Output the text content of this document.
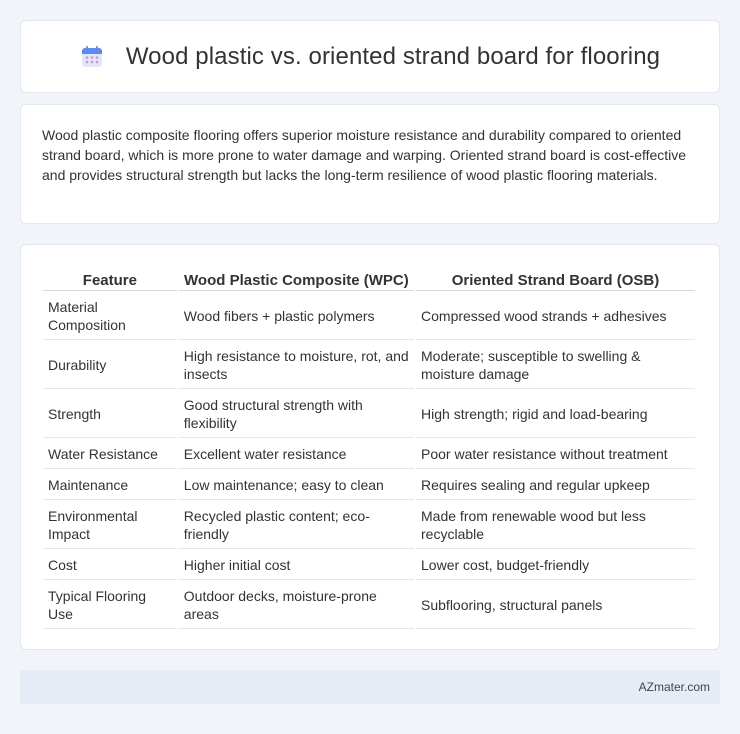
Wood plastic vs. oriented strand board for flooring

Wood plastic composite flooring offers superior moisture resistance and durability compared to oriented strand board, which is more prone to water damage and warping. Oriented strand board is cost-effective and provides structural strength but lacks the long-term resilience of wood plastic flooring materials.

Feature	Wood Plastic Composite (WPC)	Oriented Strand Board (OSB)
Material Composition	Wood fibers + plastic polymers	Compressed wood strands + adhesives
Durability	High resistance to moisture, rot, and insects	Moderate; susceptible to swelling & moisture damage
Strength	Good structural strength with flexibility	High strength; rigid and load-bearing
Water Resistance	Excellent water resistance	Poor water resistance without treatment
Maintenance	Low maintenance; easy to clean	Requires sealing and regular upkeep
Environmental Impact	Recycled plastic content; eco-friendly	Made from renewable wood but less recyclable
Cost	Higher initial cost	Lower cost, budget-friendly
Typical Flooring Use	Outdoor decks, moisture-prone areas	Subflooring, structural panels
AZmater.com
